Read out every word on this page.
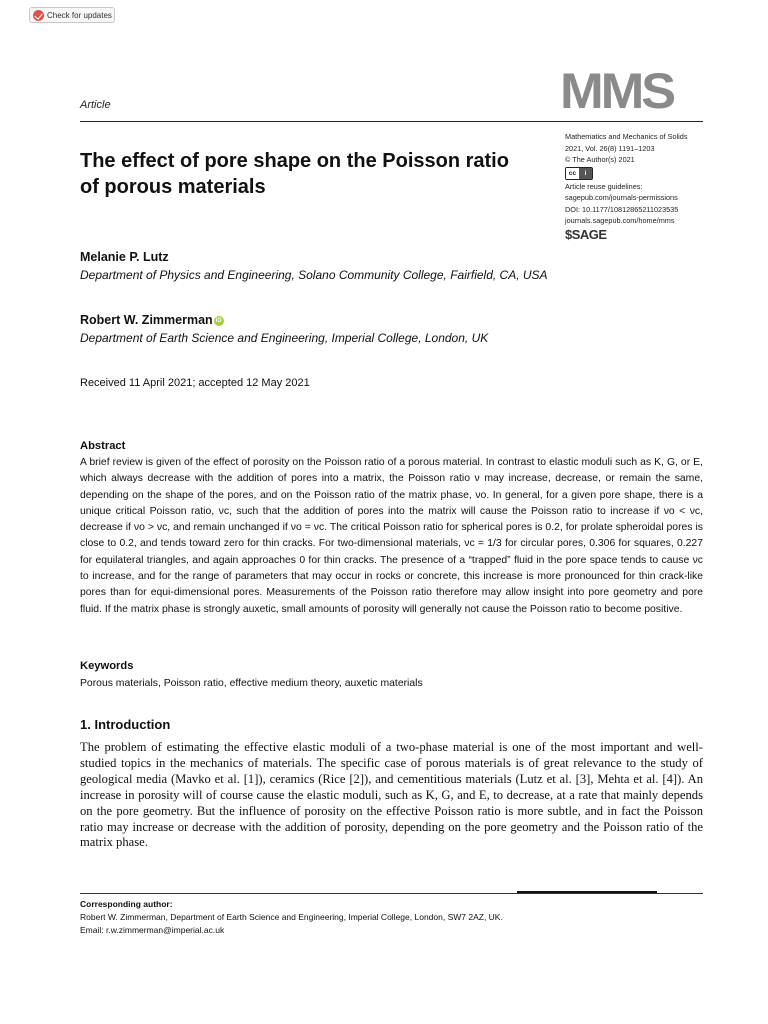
Check for updates
Article	MMS
The effect of pore shape on the Poisson ratio of porous materials
Mathematics and Mechanics of Solids
2021, Vol. 26(8) 1191–1203
© The Author(s) 2021
cc	i
Article reuse guidelines:
sagepub.com/journals-permissions
DOI: 10.1177/10812865211023535
journals.sagepub.com/home/mms
$SAGE
Melanie P. Lutz
Department of Physics and Engineering, Solano Community College, Fairfield, CA, USA
Robert W. Zimmerman iD
Department of Earth Science and Engineering, Imperial College, London, UK
Received 11 April 2021; accepted 12 May 2021
Abstract

A brief review is given of the effect of porosity on the Poisson ratio of a porous material. In contrast to elastic moduli such as K, G, or E, which always decrease with the addition of pores into a matrix, the Poisson ratio ν may increase, decrease, or remain the same, depending on the shape of the pores, and on the Poisson ratio of the matrix phase, νo. In general, for a given pore shape, there is a unique critical Poisson ratio, νc, such that the addition of pores into the matrix will cause the Poisson ratio to increase if νo < νc, decrease if νo > νc, and remain unchanged if νo = νc. The critical Poisson ratio for spherical pores is 0.2, for prolate spheroidal pores is close to 0.2, and tends toward zero for thin cracks. For two-dimensional materials, νc = 1/3 for circular pores, 0.306 for squares, 0.227 for equilateral triangles, and again approaches 0 for thin cracks. The presence of a “trapped” fluid in the pore space tends to cause νc to increase, and for the range of parameters that may occur in rocks or concrete, this increase is more pronounced for thin crack-like pores than for equi-dimensional pores. Measurements of the Poisson ratio therefore may allow insight into pore geometry and pore fluid. If the matrix phase is strongly auxetic, small amounts of porosity will generally not cause the Poisson ratio to become positive.

Keywords
Porous materials, Poisson ratio, effective medium theory, auxetic materials
1. Introduction

The problem of estimating the effective elastic moduli of a two-phase material is one of the most important and well-studied topics in the mechanics of materials. The specific case of porous materials is of great relevance to the study of geological media (Mavko et al. [1]), ceramics (Rice [2]), and cementitious materials (Lutz et al. [3], Mehta et al. [4]). An increase in porosity will of course cause the elastic moduli, such as K, G, and E, to decrease, at a rate that mainly depends on the pore geometry. But the influence of porosity on the effective Poisson ratio is more subtle, and in fact the Poisson ratio may increase or decrease with the addition of porosity, depending on the pore geometry and the Poisson ratio of the matrix phase.

Corresponding author:
Robert W. Zimmerman, Department of Earth Science and Engineering, Imperial College, London, SW7 2AZ, UK.
Email: r.w.zimmerman@imperial.ac.uk
